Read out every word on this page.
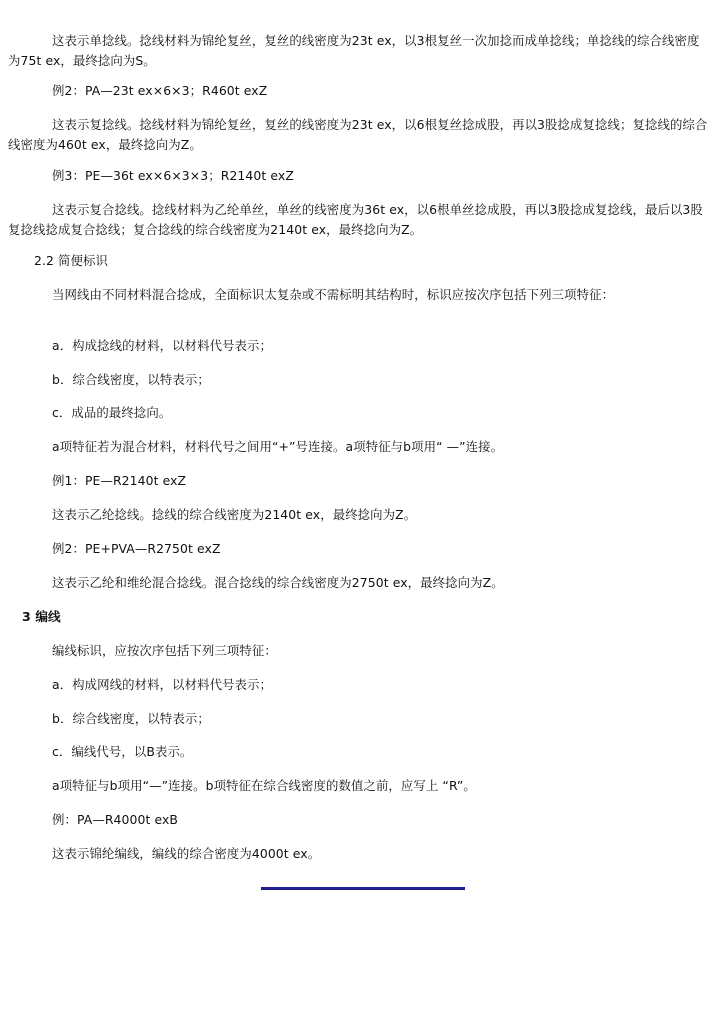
这表示单捻线。捻线材料为锦纶复丝，复丝的线密度为23t ex，以3根复丝一次加捻而成单捻线；单捻线的综合线密度为75t ex，最终捻向为S。

例2：PA—23t ex×6×3；R460t exZ

这表示复捻线。捻线材料为锦纶复丝，复丝的线密度为23t ex，以6根复丝捻成股，再以3股捻成复捻线；复捻线的综合线密度为460t ex，最终捻向为Z。

例3：PE—36t ex×6×3×3；R2140t exZ

这表示复合捻线。捻线材料为乙纶单丝，单丝的线密度为36t ex，以6根单丝捻成股，再以3股捻成复捻线，最后以3股复捻线捻成复合捻线；复合捻线的综合线密度为2140t ex，最终捻向为Z。

2.2 简便标识

当网线由不同材料混合捻成，全面标识太复杂或不需标明其结构时，标识应按次序包括下列三项特征：

a．构成捻线的材料，以材料代号表示；

b．综合线密度，以特表示；

c．成品的最终捻向。

a项特征若为混合材料，材料代号之间用“+”号连接。a项特征与b项用“ —”连接。

例1：PE—R2140t exZ

这表示乙纶捻线。捻线的综合线密度为2140t ex，最终捻向为Z。

例2：PE+PVA—R2750t exZ

这表示乙纶和维纶混合捻线。混合捻线的综合线密度为2750t ex，最终捻向为Z。

3 编线

编线标识，应按次序包括下列三项特征：

a．构成网线的材料，以材料代号表示；

b．综合线密度，以特表示；

c．编线代号，以B表示。

a项特征与b项用“—”连接。b项特征在综合线密度的数值之前，应写上 “R”。

例：PA—R4000t exB

这表示锦纶编线，编线的综合密度为4000t ex。
